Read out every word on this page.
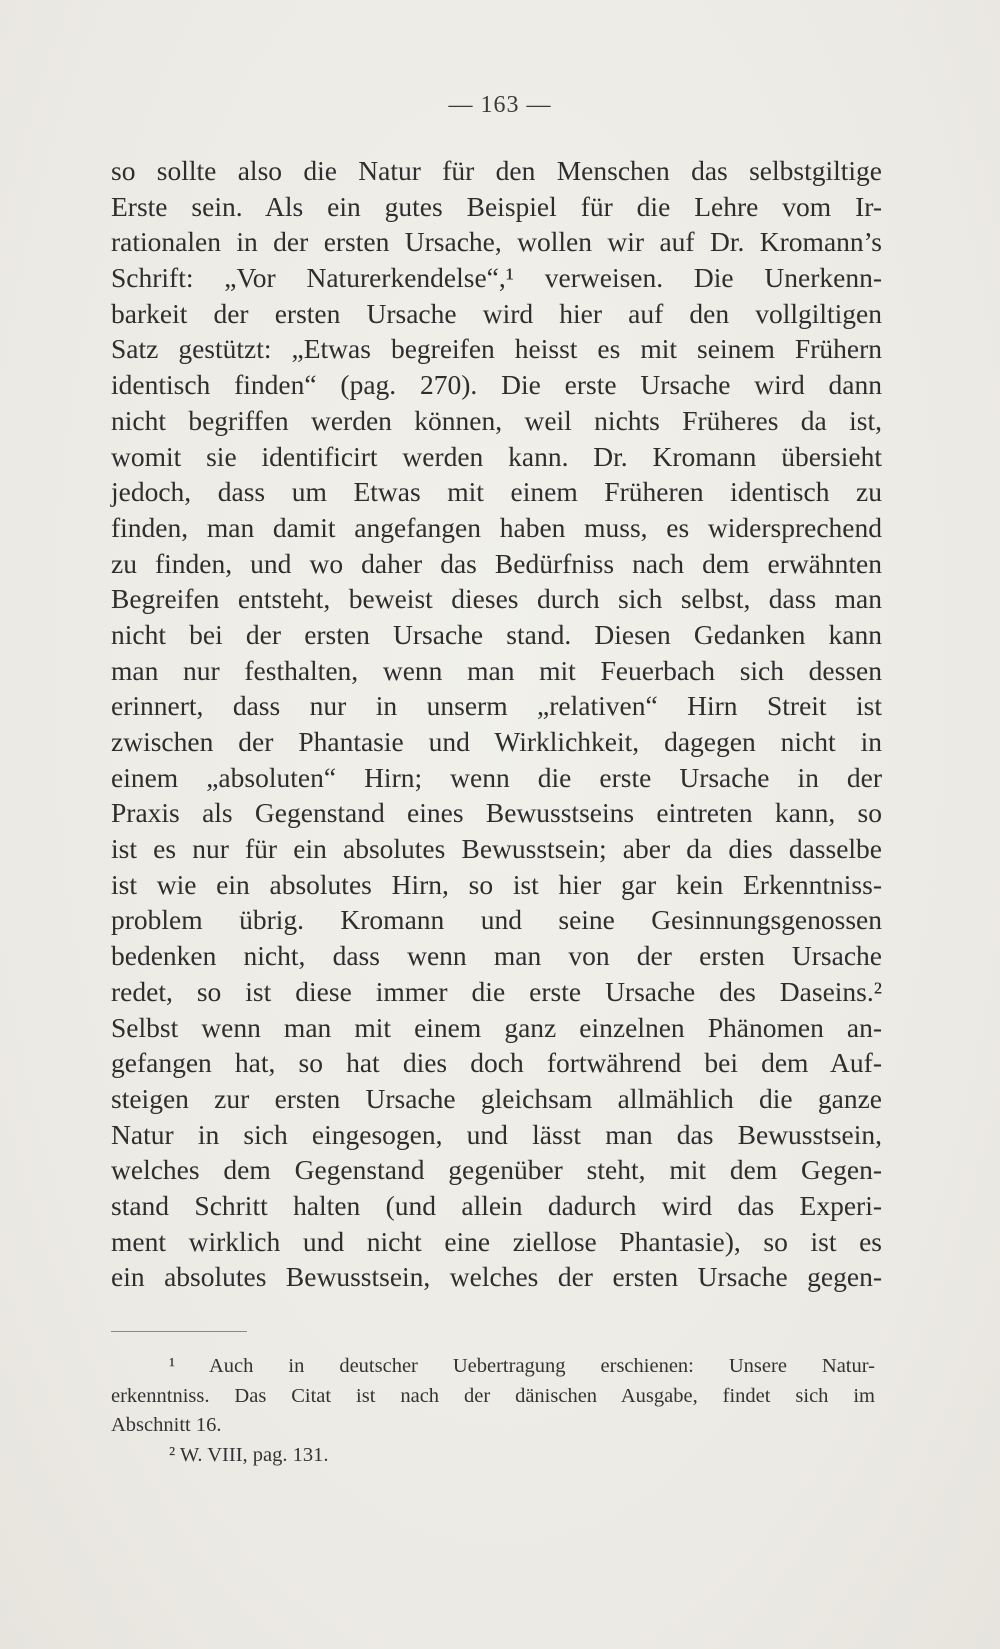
— 163 —
so sollte also die Natur für den Menschen das selbstgiltige
Erste sein. Als ein gutes Beispiel für die Lehre vom Ir-
rationalen in der ersten Ursache, wollen wir auf Dr. Kromann’s
Schrift: „Vor Naturerkendelse“,¹ verweisen. Die Unerkenn-
barkeit der ersten Ursache wird hier auf den vollgiltigen
Satz gestützt: „Etwas begreifen heisst es mit seinem Frühern
identisch finden“ (pag. 270). Die erste Ursache wird dann
nicht begriffen werden können, weil nichts Früheres da ist,
womit sie identificirt werden kann. Dr. Kromann übersieht
jedoch, dass um Etwas mit einem Früheren identisch zu
finden, man damit angefangen haben muss, es widersprechend
zu finden, und wo daher das Bedürfniss nach dem erwähnten
Begreifen entsteht, beweist dieses durch sich selbst, dass man
nicht bei der ersten Ursache stand. Diesen Gedanken kann
man nur festhalten, wenn man mit Feuerbach sich dessen
erinnert, dass nur in unserm „relativen“ Hirn Streit ist
zwischen der Phantasie und Wirklichkeit, dagegen nicht in
einem „absoluten“ Hirn; wenn die erste Ursache in der
Praxis als Gegenstand eines Bewusstseins eintreten kann, so
ist es nur für ein absolutes Bewusstsein; aber da dies dasselbe
ist wie ein absolutes Hirn, so ist hier gar kein Erkenntniss-
problem übrig. Kromann und seine Gesinnungsgenossen
bedenken nicht, dass wenn man von der ersten Ursache
redet, so ist diese immer die erste Ursache des Daseins.²
Selbst wenn man mit einem ganz einzelnen Phänomen an-
gefangen hat, so hat dies doch fortwährend bei dem Auf-
steigen zur ersten Ursache gleichsam allmählich die ganze
Natur in sich eingesogen, und lässt man das Bewusstsein,
welches dem Gegenstand gegenüber steht, mit dem Gegen-
stand Schritt halten (und allein dadurch wird das Experi-
ment wirklich und nicht eine ziellose Phantasie), so ist es
ein absolutes Bewusstsein, welches der ersten Ursache gegen-
¹ Auch in deutscher Uebertragung erschienen: Unsere Natur-
erkenntniss. Das Citat ist nach der dänischen Ausgabe, findet sich im
Abschnitt 16.
² W. VIII, pag. 131.
